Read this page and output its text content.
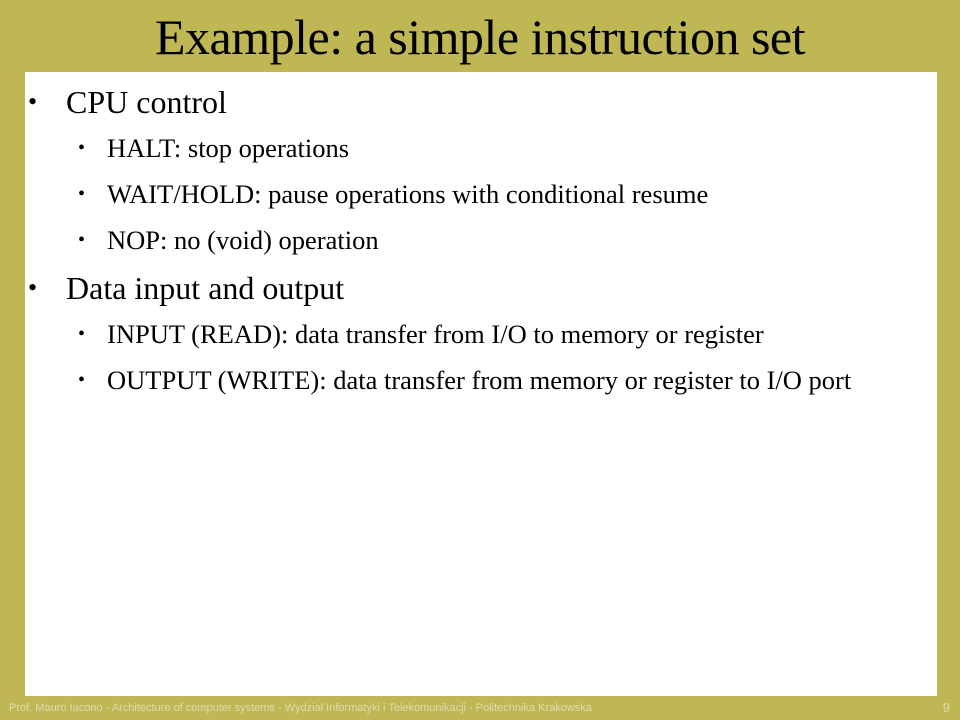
Example: a simple instruction set
• CPU control
• HALT: stop operations
• WAIT/HOLD: pause operations with conditional resume
• NOP: no (void) operation
• Data input and output
• INPUT (READ): data transfer from I/O to memory or register
• OUTPUT (WRITE): data transfer from memory or register to I/O port
Prof. Mauro Iacono - Architecture of computer systems - Wydział Informatyki i Telekomunikacji - Politechnika Krakowska	9
